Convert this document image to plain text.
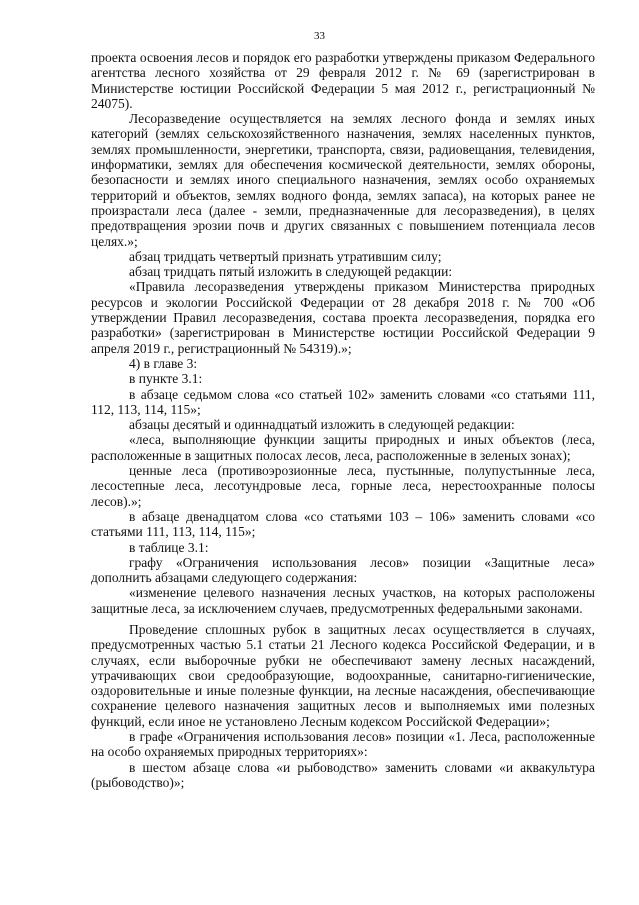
33

проекта освоения лесов и порядок его разработки утверждены приказом Федерального агентства лесного хозяйства от 29 февраля 2012 г. № 69 (зарегистрирован в Министерстве юстиции Российской Федерации 5 мая 2012 г., регистрационный № 24075).

Лесоразведение осуществляется на землях лесного фонда и землях иных категорий (землях сельскохозяйственного назначения, землях населенных пунктов, землях промышленности, энергетики, транспорта, связи, радиовещания, телевидения, информатики, землях для обеспечения космической деятельности, землях обороны, безопасности и землях иного специального назначения, землях особо охраняемых территорий и объектов, землях водного фонда, землях запаса), на которых ранее не произрастали леса (далее - земли, предназначенные для лесоразведения), в целях предотвращения эрозии почв и других связанных с повышением потенциала лесов целях.»;

абзац тридцать четвертый признать утратившим силу;

абзац тридцать пятый изложить в следующей редакции:

«Правила лесоразведения утверждены приказом Министерства природных ресурсов и экологии Российской Федерации от 28 декабря 2018 г. № 700 «Об утверждении Правил лесоразведения, состава проекта лесоразведения, порядка его разработки» (зарегистрирован в Министерстве юстиции Российской Федерации 9 апреля 2019 г., регистрационный № 54319).»;

4) в главе 3:

в пункте 3.1:

в абзаце седьмом слова «со статьей 102» заменить словами «со статьями 111, 112, 113, 114, 115»;

абзацы десятый и одиннадцатый изложить в следующей редакции:

«леса, выполняющие функции защиты природных и иных объектов (леса, расположенные в защитных полосах лесов, леса, расположенные в зеленых зонах);

ценные леса (противоэрозионные леса, пустынные, полупустынные леса, лесостепные леса, лесотундровые леса, горные леса, нерестоохранные полосы лесов).»;

в абзаце двенадцатом слова «со статьями 103 – 106» заменить словами «со статьями 111, 113, 114, 115»;

в таблице 3.1:

графу «Ограничения использования лесов» позиции «Защитные леса» дополнить абзацами следующего содержания:

«изменение целевого назначения лесных участков, на которых расположены защитные леса, за исключением случаев, предусмотренных федеральными законами.

Проведение сплошных рубок в защитных лесах осуществляется в случаях, предусмотренных частью 5.1 статьи 21 Лесного кодекса Российской Федерации, и в случаях, если выборочные рубки не обеспечивают замену лесных насаждений, утрачивающих свои средообразующие, водоохранные, санитарно-гигиенические, оздоровительные и иные полезные функции, на лесные насаждения, обеспечивающие сохранение целевого назначения защитных лесов и выполняемых ими полезных функций, если иное не установлено Лесным кодексом Российской Федерации»;

в графе «Ограничения использования лесов» позиции «1. Леса, расположенные на особо охраняемых природных территориях»:

в шестом абзаце слова «и рыбоводство» заменить словами «и аквакультура (рыбоводство)»;
